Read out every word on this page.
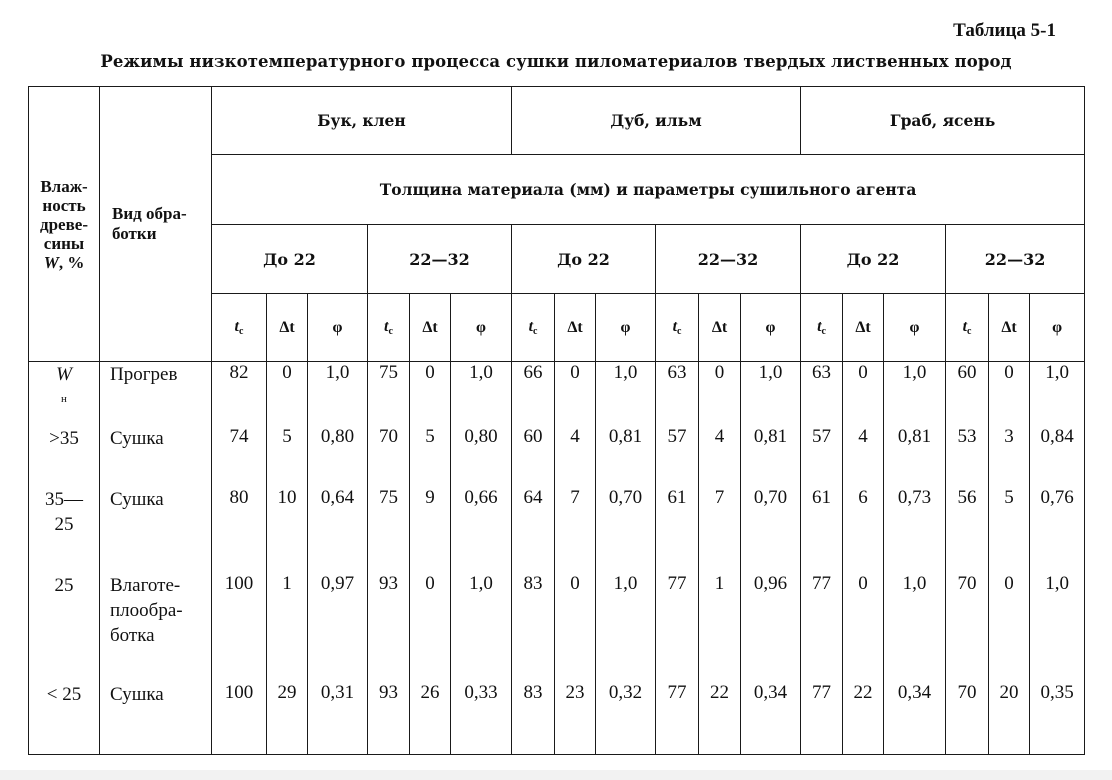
Таблица 5-1
Режимы низкотемпературного процесса сушки пиломатериалов твердых лиственных пород
Влаж-
ность
древе-
сины
W, %	Вид обра-
ботки	Бук, клен						Дуб, ильм						Граб, ясень					
		Толщина материала (мм) и параметры сушильного агента																	
		До 22			22—32			До 22			22—32			До 22			22—32		
		$t_с$	Δt	φ	$t_с$	Δt	φ	$t_с$	Δt	φ	$t_с$	Δt	φ	$t_с$	Δt	φ	$t_с$	Δt	φ

W
н	Прогрев	82	0	1,0	75	0	1,0	66	0	1,0	63	0	1,0	63	0	1,0	60	0	1,0

>35	Сушка	74	5	0,80	70	5	0,80	60	4	0,81	57	4	0,81	57	4	0,81	53	3	0,84

35—
25	Сушка	80	10	0,64	75	9	0,66	64	7	0,70	61	7	0,70	61	6	0,73	56	5	0,76

25	Влаготе-
плообра-
ботка	100	1	0,97	93	0	1,0	83	0	1,0	77	1	0,96	77	0	1,0	70	0	1,0

< 25	Сушка	100	29	0,31	93	26	0,33	83	23	0,32	77	22	0,34	77	22	0,34	70	20	0,35
